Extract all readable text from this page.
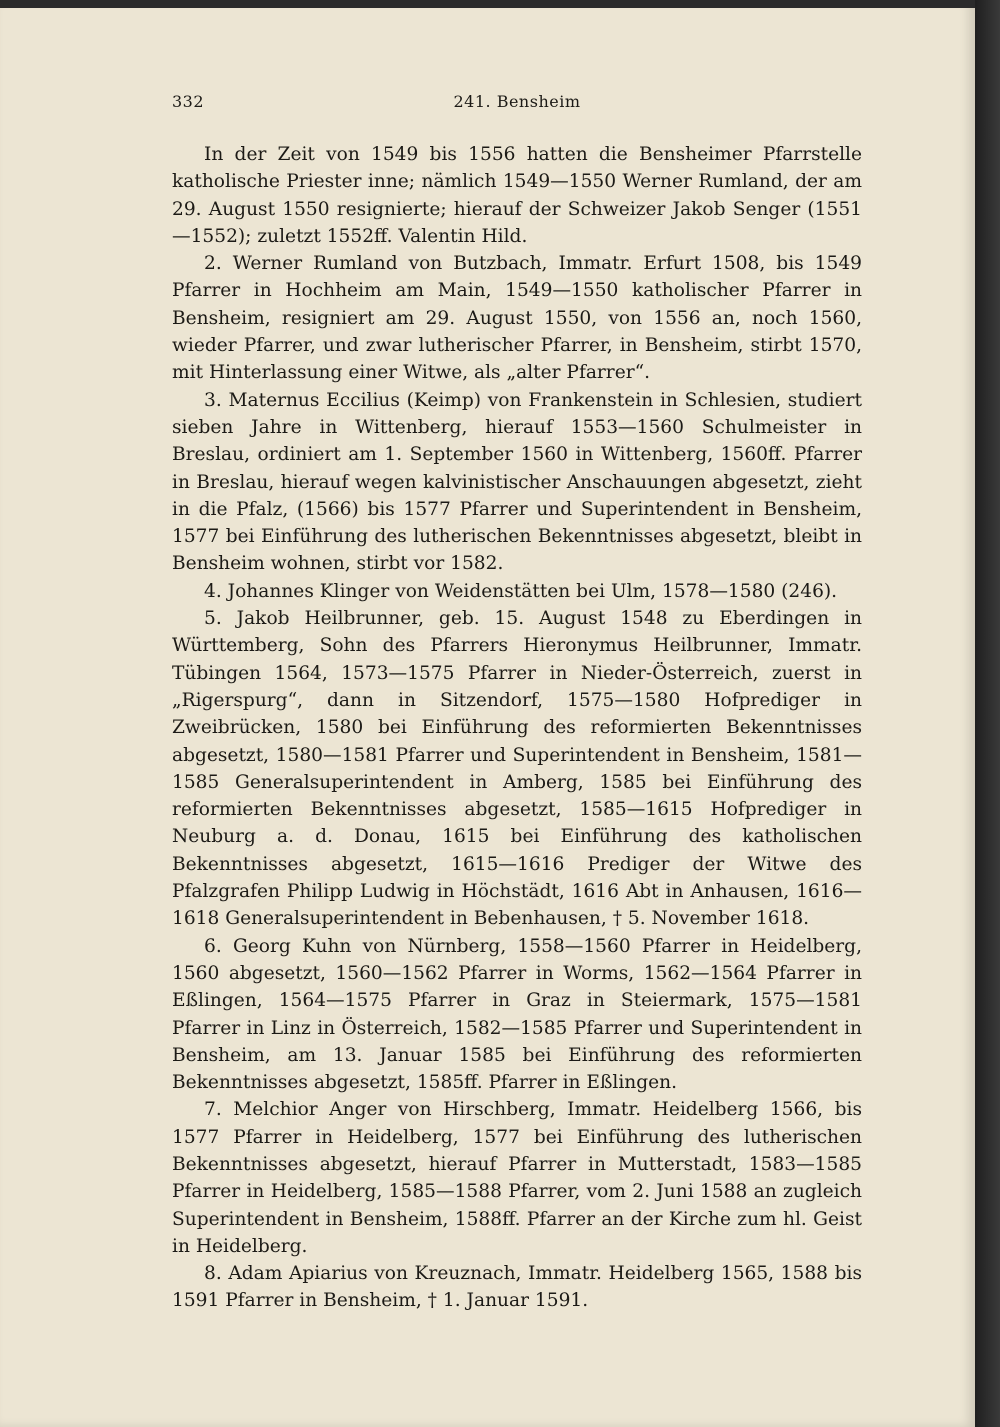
332	241. Bensheim

In der Zeit von 1549 bis 1556 hatten die Bensheimer Pfarrstelle katholische Priester inne; nämlich 1549—1550 Werner Rumland, der am 29. August 1550 resignierte; hierauf der Schweizer Jakob Senger (1551—1552); zuletzt 1552ff. Valentin Hild.

2. Werner Rumland von Butzbach, Immatr. Erfurt 1508, bis 1549 Pfarrer in Hochheim am Main, 1549—1550 katholischer Pfarrer in Bensheim, resigniert am 29. August 1550, von 1556 an, noch 1560, wieder Pfarrer, und zwar lutherischer Pfarrer, in Bensheim, stirbt 1570, mit Hinterlassung einer Witwe, als „alter Pfarrer“.

3. Maternus Eccilius (Keimp) von Frankenstein in Schlesien, studiert sieben Jahre in Wittenberg, hierauf 1553—1560 Schulmeister in Breslau, ordiniert am 1. September 1560 in Wittenberg, 1560ff. Pfarrer in Breslau, hierauf wegen kalvinistischer Anschauungen abgesetzt, zieht in die Pfalz, (1566) bis 1577 Pfarrer und Superintendent in Bensheim, 1577 bei Einführung des lutherischen Bekenntnisses abgesetzt, bleibt in Bensheim wohnen, stirbt vor 1582.

4. Johannes Klinger von Weidenstätten bei Ulm, 1578—1580 (246).

5. Jakob Heilbrunner, geb. 15. August 1548 zu Eberdingen in Württemberg, Sohn des Pfarrers Hieronymus Heilbrunner, Immatr. Tübingen 1564, 1573—1575 Pfarrer in Nieder-Österreich, zuerst in „Rigerspurg“, dann in Sitzendorf, 1575—1580 Hofprediger in Zweibrücken, 1580 bei Einführung des reformierten Bekenntnisses abgesetzt, 1580—1581 Pfarrer und Superintendent in Bensheim, 1581—1585 Generalsuperintendent in Amberg, 1585 bei Einführung des reformierten Bekenntnisses abgesetzt, 1585—1615 Hofprediger in Neuburg a. d. Donau, 1615 bei Einführung des katholischen Bekenntnisses abgesetzt, 1615—1616 Prediger der Witwe des Pfalzgrafen Philipp Ludwig in Höchstädt, 1616 Abt in Anhausen, 1616—1618 Generalsuperintendent in Bebenhausen, † 5. November 1618.

6. Georg Kuhn von Nürnberg, 1558—1560 Pfarrer in Heidelberg, 1560 abgesetzt, 1560—1562 Pfarrer in Worms, 1562—1564 Pfarrer in Eßlingen, 1564—1575 Pfarrer in Graz in Steiermark, 1575—1581 Pfarrer in Linz in Österreich, 1582—1585 Pfarrer und Superintendent in Bensheim, am 13. Januar 1585 bei Einführung des reformierten Bekenntnisses abgesetzt, 1585ff. Pfarrer in Eßlingen.

7. Melchior Anger von Hirschberg, Immatr. Heidelberg 1566, bis 1577 Pfarrer in Heidelberg, 1577 bei Einführung des lutherischen Bekenntnisses abgesetzt, hierauf Pfarrer in Mutterstadt, 1583—1585 Pfarrer in Heidelberg, 1585—1588 Pfarrer, vom 2. Juni 1588 an zugleich Superintendent in Bensheim, 1588ff. Pfarrer an der Kirche zum hl. Geist in Heidelberg.

8. Adam Apiarius von Kreuznach, Immatr. Heidelberg 1565, 1588 bis 1591 Pfarrer in Bensheim, † 1. Januar 1591.
